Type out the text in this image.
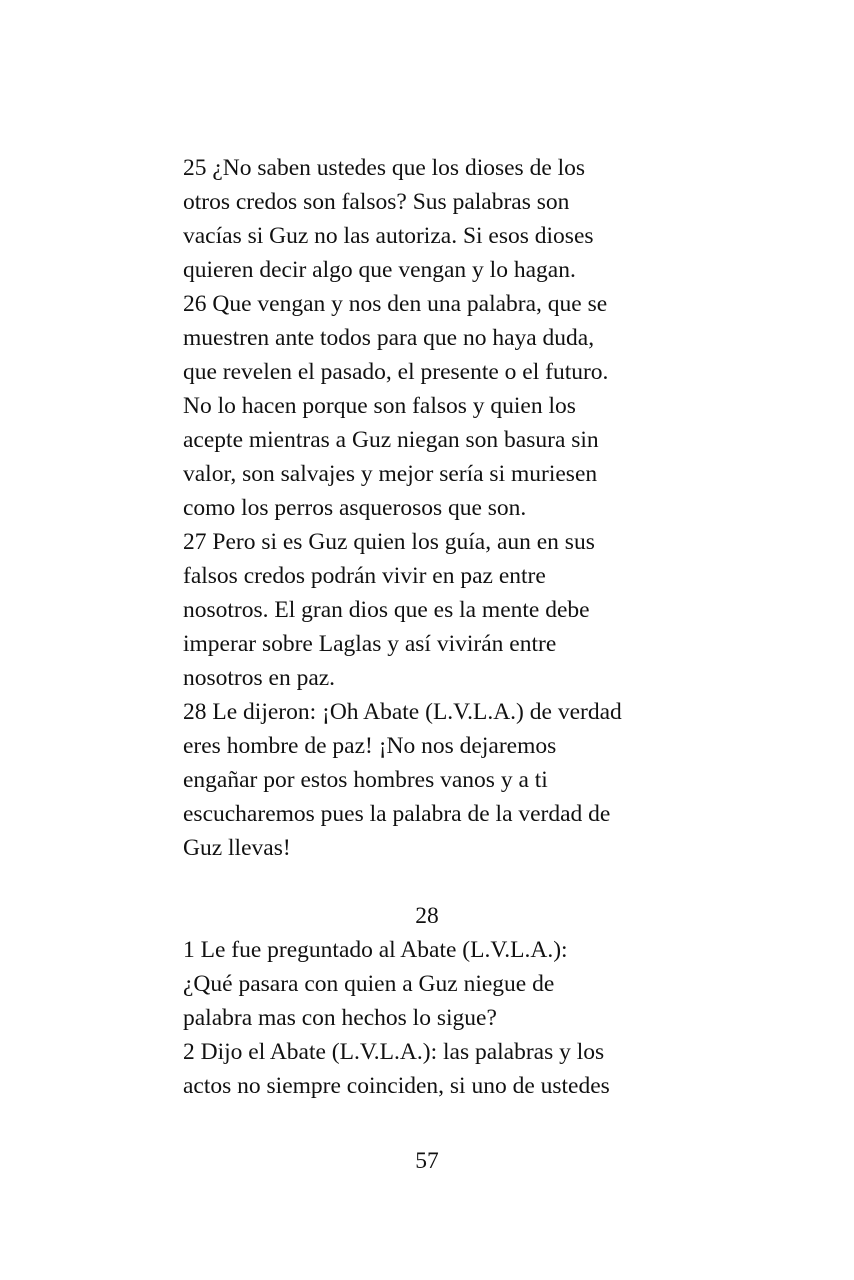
25 ¿No saben ustedes que los dioses de los
otros credos son falsos? Sus palabras son
vacías si Guz no las autoriza. Si esos dioses
quieren decir algo que vengan y lo hagan.
26 Que vengan y nos den una palabra, que se
muestren ante todos para que no haya duda,
que revelen el pasado, el presente o el futuro.
No lo hacen porque son falsos y quien los
acepte mientras a Guz niegan son basura sin
valor, son salvajes y mejor sería si muriesen
como los perros asquerosos que son.
27 Pero si es Guz quien los guía, aun en sus
falsos credos podrán vivir en paz entre
nosotros. El gran dios que es la mente debe
imperar sobre Laglas y así vivirán entre
nosotros en paz.
28 Le dijeron: ¡Oh Abate (L.V.L.A.) de verdad
eres hombre de paz! ¡No nos dejaremos
engañar por estos hombres vanos y a ti
escucharemos pues la palabra de la verdad de
Guz llevas!
28
1 Le fue preguntado al Abate (L.V.L.A.):
¿Qué pasara con quien a Guz niegue de
palabra mas con hechos lo sigue?
2 Dijo el Abate (L.V.L.A.): las palabras y los
actos no siempre coinciden, si uno de ustedes
57
